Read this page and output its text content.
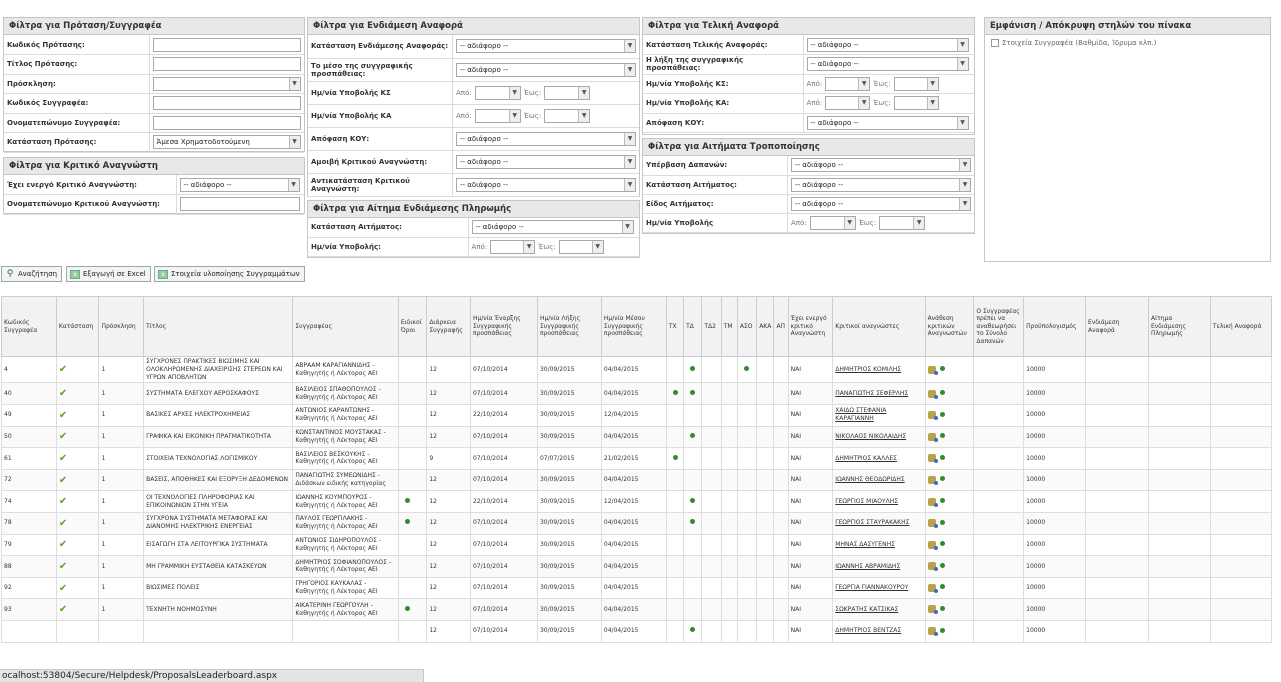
Φίλτρα για Πρόταση/Συγγραφέα
Κωδικός Πρότασης:	

Τίτλος Πρότασης:	

Πρόσκληση:	▼

Κωδικός Συγγραφέα:	

Ονοματεπώνυμο Συγγραφέα:	

Κατάσταση Πρότασης:	Άμεσα Χρηματοδοτούμενη ▼
Φίλτρα για Κριτικό Αναγνώστη
Έχει ενεργό Κριτικό Αναγνώστη:	-- αδιάφορο -- ▼

Ονοματεπώνυμο Κριτικού Αναγνώστη:	
Φίλτρα για Ενδιάμεση Αναφορά
Κατάσταση Ενδιάμεσης Αναφοράς:	-- αδιάφορο -- ▼

Το μέσο της συγγραφικής προσπάθειας:	-- αδιάφορο -- ▼

Ημ/νία Υποβολής ΚΣ	Από: ▼ Έως: ▼

Ημ/νία Υποβολής ΚΑ	Από: ▼ Έως: ▼

Απόφαση ΚΟΥ:	-- αδιάφορο -- ▼

Αμοιβή Κριτικού Αναγνώστη:	-- αδιάφορο -- ▼

Αντικατάσταση Κριτικού Αναγνώστη:	-- αδιάφορο -- ▼
Φίλτρα για Αίτημα Ενδιάμεσης Πληρωμής
Κατάσταση Αιτήματος:	-- αδιάφορο -- ▼

Ημ/νία Υποβολής:	Από: ▼ Έως: ▼
Φίλτρα για Τελική Αναφορά
Κατάσταση Τελικής Αναφοράς:	-- αδιάφορο -- ▼

Η λήξη της συγγραφικής προσπάθειας:	-- αδιάφορο -- ▼

Ημ/νία Υποβολής ΚΣ:	Από: ▼ Έως: ▼

Ημ/νία Υποβολής ΚΑ:	Από: ▼ Έως: ▼

Απόφαση ΚΟΥ:	-- αδιάφορο -- ▼
Φίλτρα για Αιτήματα Τροποποίησης
Υπέρβαση Δαπανών:	-- αδιάφορο -- ▼

Κατάσταση Αιτήματος:	-- αδιάφορο -- ▼

Είδος Αιτήματος:	-- αδιάφορο -- ▼

Ημ/νία Υποβολής	Από: ▼ Έως: ▼
Εμφάνιση / Απόκρυψη στηλών του πίνακα
Στοιχεία Συγγραφέα (Βαθμίδα, Ίδρυμα κλπ.)
⚲ Αναζήτηση	x Εξαγωγή σε Excel	x Στοιχεία υλοποίησης Συγγραμμάτων
Κωδικός Συγγραφέα	Κατάσταση	Πρόσκληση	Τίτλος	Συγγραφέας	Ειδικοί Όροι	Διάρκεια Συγγραφής	Ημ/νία Έναρξης Συγγραφικής προσπάθειας	Ημ/νία Λήξης Συγγραφικής προσπάθειας	Ημ/νία Μέσου Συγγραφικής προσπάθειας	ΤΧ	ΤΔ	ΤΔ2	ΤΜ	ΑΣΟ	ΑΚΑ	ΑΠ	Έχει ενεργό κριτικό Αναγνώστη	Κριτικοί αναγνώστες	Ανάθεση κριτικών Αναγνωστών	Ο Συγγραφέας πρέπει να αναθεωρήσει το Σύνολο Δαπανών	Προϋπολογισμός	Ενδιάμεση Αναφορά	Αίτημα Ενδιάμεσης Πληρωμής	Τελική Αναφορά
4	✔	1	ΣΥΓΧΡΟΝΕΣ ΠΡΑΚΤΙΚΕΣ ΒΙΩΣΙΜΗΣ ΚΑΙ ΟΛΟΚΛΗΡΩΜΕΝΗΣ ΔΙΑΧΕΙΡΙΣΗΣ ΣΤΕΡΕΩΝ ΚΑΙ ΥΓΡΩΝ ΑΠΟΒΛΗΤΩΝ	ΑΒΡΑΑΜ ΚΑΡΑΓΙΑΝΝΙΔΗΣ - Καθηγητής ή Λέκτορας ΑΕΙ		12	07/10/2014	30/09/2015	04/04/2015								ΝΑΙ	ΔΗΜΗΤΡΙΟΣ ΚΟΜΙΛΗΣ			10000			
40	✔	1	ΣΥΣΤΗΜΑΤΑ ΕΛΕΓΧΟΥ ΑΕΡΟΣΚΑΦΟΥΣ	ΒΑΣΙΛΕΙΟΣ ΣΠΑΘΟΠΟΥΛΟΣ - Καθηγητής ή Λέκτορας ΑΕΙ		12	07/10/2014	30/09/2015	04/04/2015								ΝΑΙ	ΠΑΝΑΓΙΩΤΗΣ ΣΕΦΕΡΛΗΣ			10000			
49	✔	1	ΒΑΣΙΚΕΣ ΑΡΧΕΣ ΗΛΕΚΤΡΟΧΗΜΕΙΑΣ	ΑΝΤΩΝΙΟΣ ΚΑΡΑΝΤΩΝΗΣ - Καθηγητής ή Λέκτορας ΑΕΙ		12	22/10/2014	30/09/2015	12/04/2015								ΝΑΙ	ΧΑΙΔΩ ΣΤΕΦΑΝΙΑ ΚΑΡΑΓΙΑΝΝΗ			10000			
50	✔	1	ΓΡΑΦΙΚΑ ΚΑΙ ΕΙΚΟΝΙΚΗ ΠΡΑΓΜΑΤΙΚΟΤΗΤΑ	ΚΩΝΣΤΑΝΤΙΝΟΣ ΜΟΥΣΤΑΚΑΣ - Καθηγητής ή Λέκτορας ΑΕΙ		12	07/10/2014	30/09/2015	04/04/2015								ΝΑΙ	ΝΙΚΟΛΑΟΣ ΝΙΚΟΛΑΙΔΗΣ			10000			
61	✔	1	ΣΤΟΙΧΕΙΑ ΤΕΧΝΟΛΟΓΙΑΣ ΛΟΓΙΣΜΙΚΟΥ	ΒΑΣΙΛΕΙΟΣ ΒΕΣΚΟΥΚΗΣ - Καθηγητής ή Λέκτορας ΑΕΙ		9	07/10/2014	07/07/2015	21/02/2015								ΝΑΙ	ΔΗΜΗΤΡΙΟΣ ΚΑΛΛΕΣ			10000			
72	✔	1	ΒΑΣΕΙΣ, ΑΠΟΘΗΚΕΣ ΚΑΙ ΕΞΟΡΥΞΗ ΔΕΔΟΜΕΝΩΝ	ΠΑΝΑΓΙΩΤΗΣ ΣΥΜΕΩΝΙΔΗΣ - Διδάσκων ειδικής κατηγορίας		12	07/10/2014	30/09/2015	04/04/2015								ΝΑΙ	ΙΩΑΝΝΗΣ ΘΕΟΔΩΡΙΔΗΣ			10000			
74	✔	1	ΟΙ ΤΕΧΝΟΛΟΓΙΕΣ ΠΛΗΡΟΦΟΡΙΑΣ ΚΑΙ ΕΠΙΚΟΙΝΩΝΙΩΝ ΣΤΗΝ ΥΓΕΙΑ	ΙΩΑΝΝΗΣ ΚΟΥΜΠΟΥΡΟΣ - Καθηγητής ή Λέκτορας ΑΕΙ		12	22/10/2014	30/09/2015	12/04/2015								ΝΑΙ	ΓΕΩΡΓΙΟΣ ΜΙΑΟΥΛΗΣ			10000			
78	✔	1	ΣΥΓΧΡΟΝΑ ΣΥΣΤΗΜΑΤΑ ΜΕΤΑΦΟΡΑΣ ΚΑΙ ΔΙΑΝΟΜΗΣ ΗΛΕΚΤΡΙΚΗΣ ΕΝΕΡΓΕΙΑΣ	ΠΑΥΛΟΣ ΓΕΩΡΓΙΛΑΚΗΣ - Καθηγητής ή Λέκτορας ΑΕΙ		12	07/10/2014	30/09/2015	04/04/2015								ΝΑΙ	ΓΕΩΡΓΙΟΣ ΣΤΑΥΡΑΚΑΚΗΣ			10000			
79	✔	1	ΕΙΣΑΓΩΓΗ ΣΤΑ ΛΕΙΤΟΥΡΓΙΚΑ ΣΥΣΤΗΜΑΤΑ	ΑΝΤΩΝΙΟΣ ΣΙΔΗΡΟΠΟΥΛΟΣ - Καθηγητής ή Λέκτορας ΑΕΙ		12	07/10/2014	30/09/2015	04/04/2015								ΝΑΙ	ΜΗΝΑΣ ΔΑΣΥΓΕΝΗΣ			10000			
88	✔	1	ΜΗ ΓΡΑΜΜΙΚΗ ΕΥΣΤΑΘΕΙΑ ΚΑΤΑΣΚΕΥΩΝ	ΔΗΜΗΤΡΙΟΣ ΣΟΦΙΑΝΟΠΟΥΛΟΣ - Καθηγητής ή Λέκτορας ΑΕΙ		12	07/10/2014	30/09/2015	04/04/2015								ΝΑΙ	ΙΩΑΝΝΗΣ ΑΒΡΑΜΙΔΗΣ			10000			
92	✔	1	ΒΙΩΣΙΜΕΣ ΠΟΛΕΙΣ	ΓΡΗΓΟΡΙΟΣ ΚΑΥΚΑΛΑΣ - Καθηγητής ή Λέκτορας ΑΕΙ		12	07/10/2014	30/09/2015	04/04/2015								ΝΑΙ	ΓΕΩΡΓΙΑ ΓΙΑΝΝΑΚΟΥΡΟΥ			10000			
93	✔	1	ΤΕΧΝΗΤΗ ΝΟΗΜΟΣΥΝΗ	ΑΙΚΑΤΕΡΙΝΗ ΓΕΩΡΓΟΥΛΗ - Καθηγητής ή Λέκτορας ΑΕΙ		12	07/10/2014	30/09/2015	04/04/2015								ΝΑΙ	ΣΩΚΡΑΤΗΣ ΚΑΤΣΙΚΑΣ			10000			
						12	07/10/2014	30/09/2015	04/04/2015								ΝΑΙ	ΔΗΜΗΤΡΙΟΣ ΒΕΝΤΖΑΣ			10000			
ocalhost:53804/Secure/Helpdesk/ProposalsLeaderboard.aspx
